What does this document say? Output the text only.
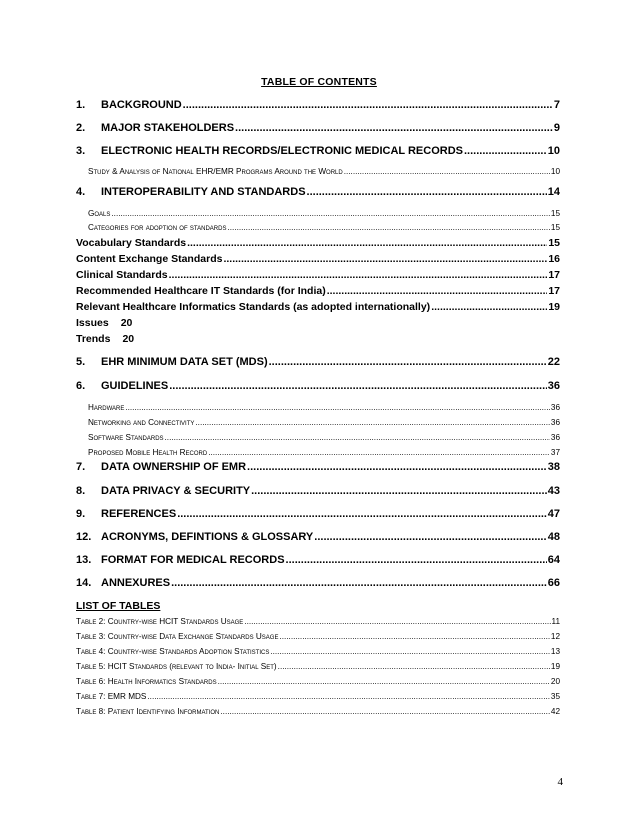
TABLE OF CONTENTS
1.	BACKGROUND .....	7
2.	MAJOR STAKEHOLDERS .....	9
3.	ELECTRONIC HEALTH RECORDS/ELECTRONIC MEDICAL RECORDS .....	10
Study & Analysis of National EHR/EMR Programs Around the World .....	10
4.	INTEROPERABILITY AND STANDARDS .....	14
Goals .....	15
Categories for adoption of standards .....	15
Vocabulary Standards .....	15
Content Exchange Standards .....	16
Clinical Standards .....	17
Recommended Healthcare IT Standards (for India) .....	17
Relevant Healthcare Informatics Standards (as adopted internationally) .....	19
Issues 20
Trends 20
5.	EHR MINIMUM DATA SET (MDS) .....	22
6.	GUIDELINES .....	36
Hardware .....	36
Networking and Connectivity .....	36
Software Standards .....	36
Proposed Mobile Health Record .....	37
7.	DATA OWNERSHIP OF EMR .....	38
8.	DATA PRIVACY & SECURITY .....	43
9.	REFERENCES .....	47
12. ACRONYMS, DEFINTIONS & GLOSSARY .....	48
13. FORMAT FOR MEDICAL RECORDS .....	64
14. ANNEXURES .....	66
LIST OF TABLES
Table 2: Country-wise HCIT Standards Usage .....	11
Table 3: Country-wise Data Exchange Standards Usage .....	12
Table 4: Country-wise Standards Adoption Statistics .....	13
Table 5: HCIT Standards (relevant to India- Initial Set) .....	19
Table 6: Health Informatics Standards .....	20
Table 7: EMR MDS .....	35
Table 8: Patient Identifying Information .....	42
4
